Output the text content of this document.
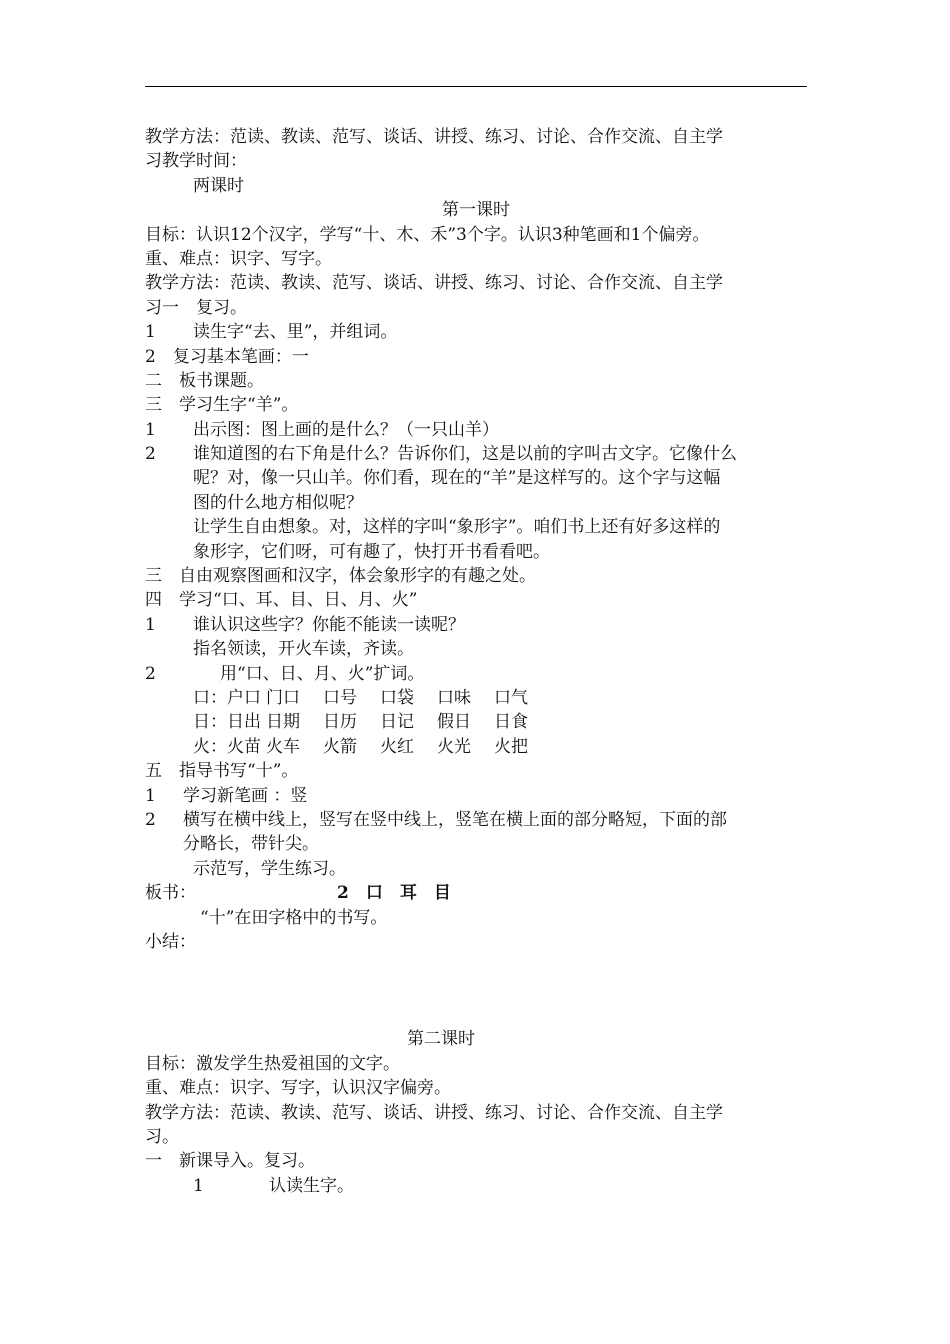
教学方法：范读、教读、范写、谈话、讲授、练习、讨论、合作交流、自主学
习教学时间：
两课时
第一课时
目标：认识12个汉字，学写“十、木、禾”3个字。认识3种笔画和1个偏旁。
重、难点：识字、写字。
教学方法：范读、教读、范写、谈话、讲授、练习、讨论、合作交流、自主学
习一　复习。
1 读生字“去、里”，并组词。
2　复习基本笔画：一
二　板书课题。
三　学习生字“羊”。
1 出示图：图上画的是什么？（一只山羊）
2 谁知道图的右下角是什么？告诉你们，这是以前的字叫古文字。它像什么
呢？对，像一只山羊。你们看，现在的“羊”是这样写的。这个字与这幅
图的什么地方相似呢？
让学生自由想象。对，这样的字叫“象形字”。咱们书上还有好多这样的
象形字，它们呀，可有趣了，快打开书看看吧。
三　自由观察图画和汉字，体会象形字的有趣之处。
四　学习“口、耳、目、日、月、火”
1 谁认识这些字？你能不能读一读呢？
指名领读，开火车读，齐读。
2	用“口、日、月、火”扩词。
口：户口 门口 口号 口袋 口味 口气
日：日出 日期 日历 日记 假日 日食
火：火苗 火车 火箭 火红 火光 火把
五　指导书写“十”。
1 学习新笔画 ：竖
2 横写在横中线上，竖写在竖中线上，竖笔在横上面的部分略短，下面的部
分略长，带针尖。
示范写，学生练习。
板书：	2　口　耳　目
“十”在田字格中的书写。
小结：
第二课时
目标：激发学生热爱祖国的文字。
重、难点：识字、写字，认识汉字偏旁。
教学方法：范读、教读、范写、谈话、讲授、练习、讨论、合作交流、自主学
习。
一　新课导入。复习。
1	认读生字。
